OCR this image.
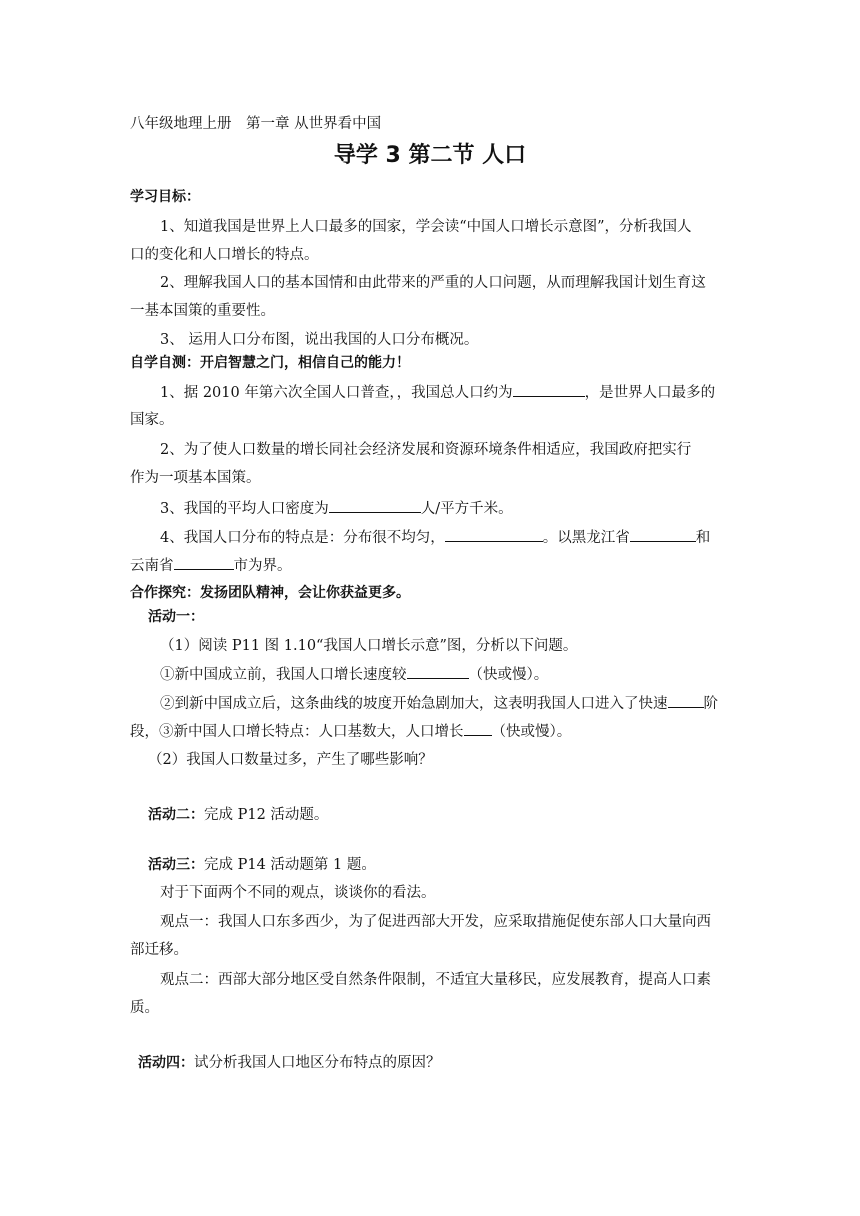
八年级地理上册　第一章 从世界看中国
导学 3 第二节 人口
学习目标：
1、知道我国是世界上人口最多的国家，学会读“中国人口增长示意图”，分析我国人
口的变化和人口增长的特点。
2、理解我国人口的基本国情和由此带来的严重的人口问题，从而理解我国计划生育这
一基本国策的重要性。
3、 运用人口分布图，说出我国的人口分布概况。
自学自测：开启智慧之门，相信自己的能力！
1、据 2010 年第六次全国人口普查，，我国总人口约为	，是世界人口最多的
国家。
2、为了使人口数量的增长同社会经济发展和资源环境条件相适应，我国政府把实行
作为一项基本国策。
3、我国的平均人口密度为	人/平方千米。
4、我国人口分布的特点是：分布很不均匀，	。以黑龙江省	和
云南省	市为界。
合作探究：发扬团队精神，会让你获益更多。
活动一：
（1）阅读 P11 图 1.10“我国人口增长示意”图，分析以下问题。
①新中国成立前，我国人口增长速度较	（快或慢）。
②到新中国成立后，这条曲线的坡度开始急剧加大，这表明我国人口进入了快速 阶
段，③新中国人口增长特点：人口基数大，人口增长 （快或慢）。
（2）我国人口数量过多，产生了哪些影响？
活动二：完成 P12 活动题。
活动三：完成 P14 活动题第 1 题。
对于下面两个不同的观点，谈谈你的看法。
观点一：我国人口东多西少，为了促进西部大开发，应采取措施促使东部人口大量向西
部迁移。
观点二：西部大部分地区受自然条件限制，不适宜大量移民，应发展教育，提高人口素
质。
活动四：试分析我国人口地区分布特点的原因？
